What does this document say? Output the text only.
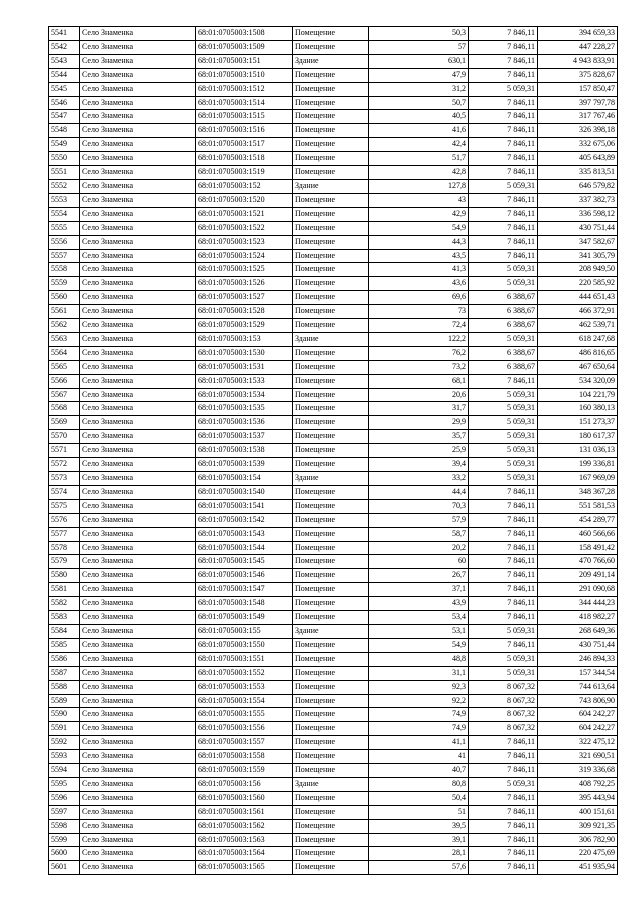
5541	Село Знаменка	68:01:0705003:1508	Помещение	50,3	7 846,11	394 659,33
5542	Село Знаменка	68:01:0705003:1509	Помещение	57	7 846,11	447 228,27
5543	Село Знаменка	68:01:0705003:151	Здание	630,1	7 846,11	4 943 833,91
5544	Село Знаменка	68:01:0705003:1510	Помещение	47,9	7 846,11	375 828,67
5545	Село Знаменка	68:01:0705003:1512	Помещение	31,2	5 059,31	157 850,47
5546	Село Знаменка	68:01:0705003:1514	Помещение	50,7	7 846,11	397 797,78
5547	Село Знаменка	68:01:0705003:1515	Помещение	40,5	7 846,11	317 767,46
5548	Село Знаменка	68:01:0705003:1516	Помещение	41,6	7 846,11	326 398,18
5549	Село Знаменка	68:01:0705003:1517	Помещение	42,4	7 846,11	332 675,06
5550	Село Знаменка	68:01:0705003:1518	Помещение	51,7	7 846,11	405 643,89
5551	Село Знаменка	68:01:0705003:1519	Помещение	42,8	7 846,11	335 813,51
5552	Село Знаменка	68:01:0705003:152	Здание	127,8	5 059,31	646 579,82
5553	Село Знаменка	68:01:0705003:1520	Помещение	43	7 846,11	337 382,73
5554	Село Знаменка	68:01:0705003:1521	Помещение	42,9	7 846,11	336 598,12
5555	Село Знаменка	68:01:0705003:1522	Помещение	54,9	7 846,11	430 751,44
5556	Село Знаменка	68:01:0705003:1523	Помещение	44,3	7 846,11	347 582,67
5557	Село Знаменка	68:01:0705003:1524	Помещение	43,5	7 846,11	341 305,79
5558	Село Знаменка	68:01:0705003:1525	Помещение	41,3	5 059,31	208 949,50
5559	Село Знаменка	68:01:0705003:1526	Помещение	43,6	5 059,31	220 585,92
5560	Село Знаменка	68:01:0705003:1527	Помещение	69,6	6 388,67	444 651,43
5561	Село Знаменка	68:01:0705003:1528	Помещение	73	6 388,67	466 372,91
5562	Село Знаменка	68:01:0705003:1529	Помещение	72,4	6 388,67	462 539,71
5563	Село Знаменка	68:01:0705003:153	Здание	122,2	5 059,31	618 247,68
5564	Село Знаменка	68:01:0705003:1530	Помещение	76,2	6 388,67	486 816,65
5565	Село Знаменка	68:01:0705003:1531	Помещение	73,2	6 388,67	467 650,64
5566	Село Знаменка	68:01:0705003:1533	Помещение	68,1	7 846,11	534 320,09
5567	Село Знаменка	68:01:0705003:1534	Помещение	20,6	5 059,31	104 221,79
5568	Село Знаменка	68:01:0705003:1535	Помещение	31,7	5 059,31	160 380,13
5569	Село Знаменка	68:01:0705003:1536	Помещение	29,9	5 059,31	151 273,37
5570	Село Знаменка	68:01:0705003:1537	Помещение	35,7	5 059,31	180 617,37
5571	Село Знаменка	68:01:0705003:1538	Помещение	25,9	5 059,31	131 036,13
5572	Село Знаменка	68:01:0705003:1539	Помещение	39,4	5 059,31	199 336,81
5573	Село Знаменка	68:01:0705003:154	Здание	33,2	5 059,31	167 969,09
5574	Село Знаменка	68:01:0705003:1540	Помещение	44,4	7 846,11	348 367,28
5575	Село Знаменка	68:01:0705003:1541	Помещение	70,3	7 846,11	551 581,53
5576	Село Знаменка	68:01:0705003:1542	Помещение	57,9	7 846,11	454 289,77
5577	Село Знаменка	68:01:0705003:1543	Помещение	58,7	7 846,11	460 566,66
5578	Село Знаменка	68:01:0705003:1544	Помещение	20,2	7 846,11	158 491,42
5579	Село Знаменка	68:01:0705003:1545	Помещение	60	7 846,11	470 766,60
5580	Село Знаменка	68:01:0705003:1546	Помещение	26,7	7 846,11	209 491,14
5581	Село Знаменка	68:01:0705003:1547	Помещение	37,1	7 846,11	291 090,68
5582	Село Знаменка	68:01:0705003:1548	Помещение	43,9	7 846,11	344 444,23
5583	Село Знаменка	68:01:0705003:1549	Помещение	53,4	7 846,11	418 982,27
5584	Село Знаменка	68:01:0705003:155	Здание	53,1	5 059,31	268 649,36
5585	Село Знаменка	68:01:0705003:1550	Помещение	54,9	7 846,11	430 751,44
5586	Село Знаменка	68:01:0705003:1551	Помещение	48,8	5 059,31	246 894,33
5587	Село Знаменка	68:01:0705003:1552	Помещение	31,1	5 059,31	157 344,54
5588	Село Знаменка	68:01:0705003:1553	Помещение	92,3	8 067,32	744 613,64
5589	Село Знаменка	68:01:0705003:1554	Помещение	92,2	8 067,32	743 806,90
5590	Село Знаменка	68:01:0705003:1555	Помещение	74,9	8 067,32	604 242,27
5591	Село Знаменка	68:01:0705003:1556	Помещение	74,9	8 067,32	604 242,27
5592	Село Знаменка	68:01:0705003:1557	Помещение	41,1	7 846,11	322 475,12
5593	Село Знаменка	68:01:0705003:1558	Помещение	41	7 846,11	321 690,51
5594	Село Знаменка	68:01:0705003:1559	Помещение	40,7	7 846,11	319 336,68
5595	Село Знаменка	68:01:0705003:156	Здание	80,8	5 059,31	408 792,25
5596	Село Знаменка	68:01:0705003:1560	Помещение	50,4	7 846,11	395 443,94
5597	Село Знаменка	68:01:0705003:1561	Помещение	51	7 846,11	400 151,61
5598	Село Знаменка	68:01:0705003:1562	Помещение	39,5	7 846,11	309 921,35
5599	Село Знаменка	68:01:0705003:1563	Помещение	39,1	7 846,11	306 782,90
5600	Село Знаменка	68:01:0705003:1564	Помещение	28,1	7 846,11	220 475,69
5601	Село Знаменка	68:01:0705003:1565	Помещение	57,6	7 846,11	451 935,94
